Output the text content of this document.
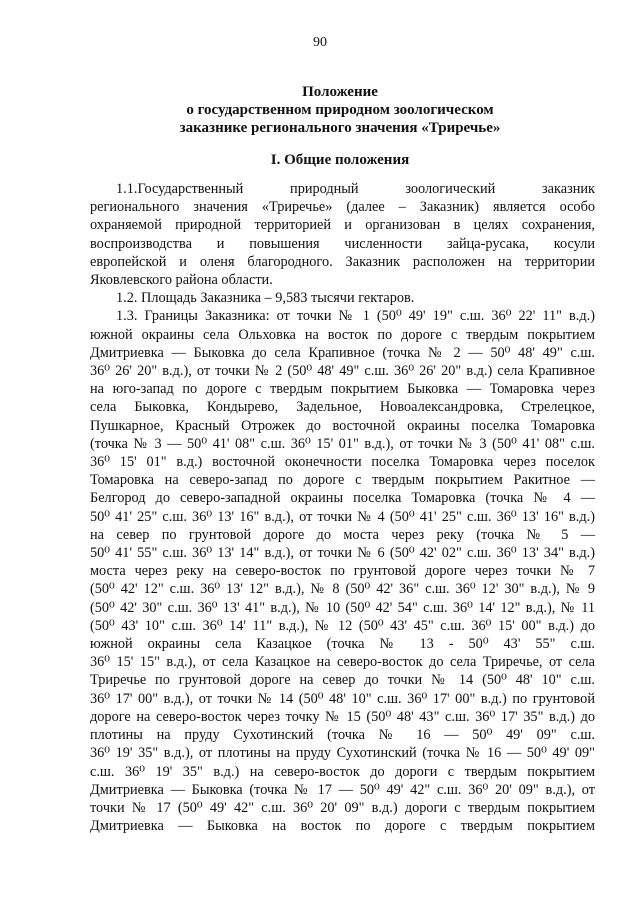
90
Положение
о государственном природном зоологическом
заказнике регионального значения «Триречье»
I. Общие положения
1.1.Государственный природный зоологический заказник
регионального значения «Триречье» (далее – Заказник) является особо
охраняемой природной территорией и организован в целях сохранения,
воспроизводства и повышения численности зайца-русака, косули
европейской и оленя благородного. Заказник расположен на территории
Яковлевского района области.
1.2. Площадь Заказника – 9,583 тысячи гектаров.
1.3. Границы Заказника: от точки № 1 (50⁰ 49' 19" с.ш. 36⁰ 22' 11" в.д.)
южной окраины села Ольховка на восток по дороге с твердым покрытием
Дмитриевка — Быковка до села Крапивное (точка № 2 — 50⁰ 48' 49" с.ш.
36⁰ 26' 20" в.д.), от точки № 2 (50⁰ 48' 49" с.ш. 36⁰ 26' 20" в.д.) села Крапивное
на юго-запад по дороге с твердым покрытием Быковка — Томаровка через
села Быковка, Кондырево, Задельное, Новоалександровка, Стрелецкое,
Пушкарное, Красный Отрожек до восточной окраины поселка Томаровка
(точка № 3 — 50⁰ 41' 08" с.ш. 36⁰ 15' 01" в.д.), от точки № 3 (50⁰ 41' 08" с.ш.
36⁰ 15' 01" в.д.) восточной оконечности поселка Томаровка через поселок
Томаровка на северо-запад по дороге с твердым покрытием Ракитное —
Белгород до северо-западной окраины поселка Томаровка (точка № 4 —
50⁰ 41' 25" с.ш. 36⁰ 13' 16" в.д.), от точки № 4 (50⁰ 41' 25" с.ш. 36⁰ 13' 16" в.д.)
на север по грунтовой дороге до моста через реку (точка № 5 —
50⁰ 41' 55" с.ш. 36⁰ 13' 14" в.д.), от точки № 6 (50⁰ 42' 02" с.ш. 36⁰ 13' 34" в.д.)
моста через реку на северо-восток по грунтовой дороге через точки № 7
(50⁰ 42' 12" с.ш. 36⁰ 13' 12" в.д.), № 8 (50⁰ 42' 36" с.ш. 36⁰ 12' 30" в.д.), № 9
(50⁰ 42' 30" с.ш. 36⁰ 13' 41" в.д.), № 10 (50⁰ 42' 54" с.ш. 36⁰ 14' 12" в.д.), № 11
(50⁰ 43' 10" с.ш. 36⁰ 14' 11" в.д.), № 12 (50⁰ 43' 45" с.ш. 36⁰ 15' 00" в.д.) до
южной окраины села Казацкое (точка № 13 - 50⁰ 43' 55" с.ш.
36⁰ 15' 15" в.д.), от села Казацкое на северо-восток до села Триречье, от села
Триречье по грунтовой дороге на север до точки № 14 (50⁰ 48' 10" с.ш.
36⁰ 17' 00" в.д.), от точки № 14 (50⁰ 48' 10" с.ш. 36⁰ 17' 00" в.д.) по грунтовой
дороге на северо-восток через точку № 15 (50⁰ 48' 43" с.ш. 36⁰ 17' 35" в.д.) до
плотины на пруду Сухотинский (точка № 16 — 50⁰ 49' 09" с.ш.
36⁰ 19' 35" в.д.), от плотины на пруду Сухотинский (точка № 16 — 50⁰ 49' 09"
с.ш. 36⁰ 19' 35" в.д.) на северо-восток до дороги с твердым покрытием
Дмитриевка — Быковка (точка № 17 — 50⁰ 49' 42" с.ш. 36⁰ 20' 09" в.д.), от
точки № 17 (50⁰ 49' 42" с.ш. 36⁰ 20' 09" в.д.) дороги с твердым покрытием
Дмитриевка — Быковка на восток по дороге с твердым покрытием
